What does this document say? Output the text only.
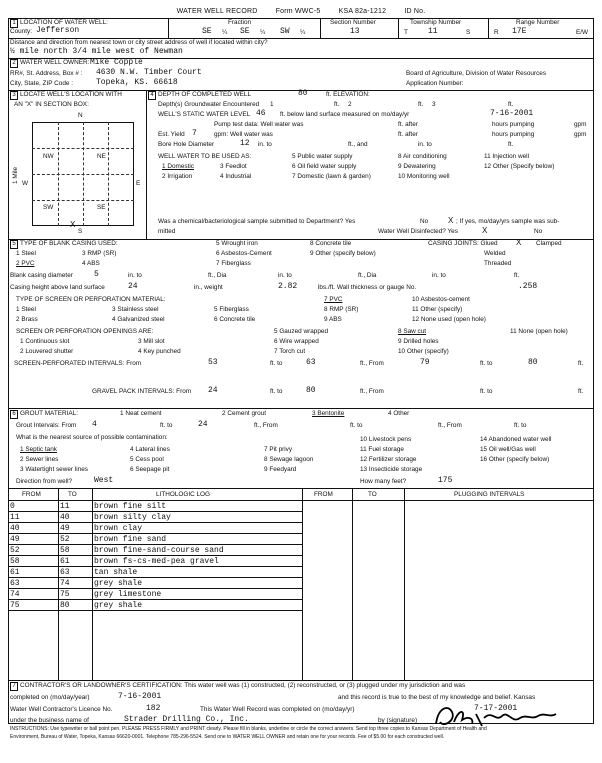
WATER WELL RECORD	Form WWC-5	KSA 82a-1212	ID No.
1 LOCATION OF WATER WELL:
County: Jefferson
Fraction
SE ¼ SE ¼ SW ¼
Section Number
13
Township Number
T	11	S
Range Number
R 17E	E/W
Distance and direction from nearest town or city street address of well if located within city?
½ mile north 3/4 mile west of Newman
2 WATER WELL OWNER: Mike Copple
RR#, St. Address, Box # : 4630 N.W. Timber Court
City, State, ZIP Code :	Topeka, KS. 66618
Board of Agriculture, Division of Water Resources
Application Number:
3 LOCATE WELL'S LOCATION WITH
AN "X" IN SECTION BOX:
N
S
W	E
1 Mile
NW	NE
SW	SE
X
4 DEPTH OF COMPLETED WELL	80	ft. ELEVATION:
Depth(s) Groundwater Encountered 1	ft. 2	ft. 3	ft.
WELL'S STATIC WATER LEVEL 46 ft. below land surface measured on mo/day/yr	7-16-2001
Pump test data: Well water was	ft. after	hours pumping	gpm
Est. Yield 7	gpm: Well water was	ft. after	hours pumping	gpm
Bore Hole Diameter	12 in. to	ft., and	in. to	ft.
WELL WATER TO BE USED AS:
1 Domestic
2 Irrigation
3 Feedlot
4 Industrial
5 Public water supply
6 Oil field water supply
7 Domestic (lawn & garden)
8 Air conditioning
9 Dewatering
10 Monitoring well
11 Injection well
12 Other (Specify below)
Was a chemical/bacteriological sample submitted to Department? Yes	No X ; If yes, mo/day/yrs sample was sub-
mitted	Water Well Disinfected? Yes	X	No
5 TYPE OF BLANK CASING USED:
1 Steel
2 PVC
3 RMP (SR)
4 ABS
5 Wrought iron
6 Asbestos-Cement
7 Fiberglass
8 Concrete tile
9 Other (specify below)
CASING JOINTS: Glued X Clamped
Welded
Threaded
Blank casing diameter	5	in. to	ft., Dia	in. to	ft., Dia	in. to	ft.
Casing height above land surface	24	in., weight	2.82	lbs./ft. Wall thickness or gauge No.	.258
TYPE OF SCREEN OR PERFORATION MATERIAL:
1 Steel
2 Brass
3 Stainless steel
4 Galvanized steel
5 Fiberglass
6 Concrete tile
7 PVC
8 RMP (SR)
9 ABS
10 Asbestos-cement
11 Other (specify)
12 None used (open hole)
SCREEN OR PERFORATION OPENINGS ARE:
1 Continuous slot
2 Louvered shutter
3 Mill slot
4 Key punched
5 Gauzed wrapped
6 Wire wrapped
7 Torch cut
8 Saw cut
9 Drilled holes
10 Other (specify)
11 None (open hole)
SCREEN-PERFORATED INTERVALS: From	53	ft. to	63	ft., From	79	ft. to	80	ft.
GRAVEL PACK INTERVALS: From 24	ft. to	80	ft., From	ft. to	ft.
6 GROUT MATERIAL:	1 Neat cement	2 Cement grout	3 Bentonite	4 Other
Grout Intervals: From 4	ft. to	24	ft., From	ft. to	ft., From	ft. to
What is the nearest source of possible contamination:
1 Septic tank
2 Sewer lines
3 Watertight sewer lines
4 Lateral lines
5 Cess pool
6 Seepage pit
7 Pit privy
8 Sewage lagoon
9 Feedyard
10 Livestock pens
11 Fuel storage
12 Fertilizer storage
13 Insecticide storage
14 Abandoned water well
15 Oil well/Gas well
16 Other (specify below)
Direction from well?	West	How many feet?	175
FROM	TO	LITHOLOGIC LOG	FROM	TO	PLUGGING INTERVALS
0	11	brown fine silt
11	40	brown silty clay
40	49	brown clay
49	52	brown fine sand
52	58	brown fine-sand-course sand
58	61	brown fs-cs-med-pea gravel
61	63	tan shale
63	74	grey shale
74	75	grey limestone
75	80	grey shale
7 CONTRACTOR'S OR LANDOWNER'S CERTIFICATION: This water well was (1) constructed, (2) reconstructed, or (3) plugged under my jurisdiction and was
completed on (mo/day/year)	7-16-2001	and this record is true to the best of my knowledge and belief. Kansas
Water Well Contractor's Licence No.	182	This Water Well Record was completed on (mo/day/yr)	7-17-2001
under the business name of	Strader Drilling Co., Inc.	by (signature)
INSTRUCTIONS: Use typewriter or ball point pen. PLEASE PRESS FIRMLY and PRINT clearly. Please fill in blanks, underline or circle the correct answers. Send top three copies to Kansas Department of Health and
Environment, Bureau of Water, Topeka, Kansas 66620-0001. Telephone 785-296-5524. Send one to WATER WELL OWNER and retain one for your records. Fee of $5.00 for each constructed well.
